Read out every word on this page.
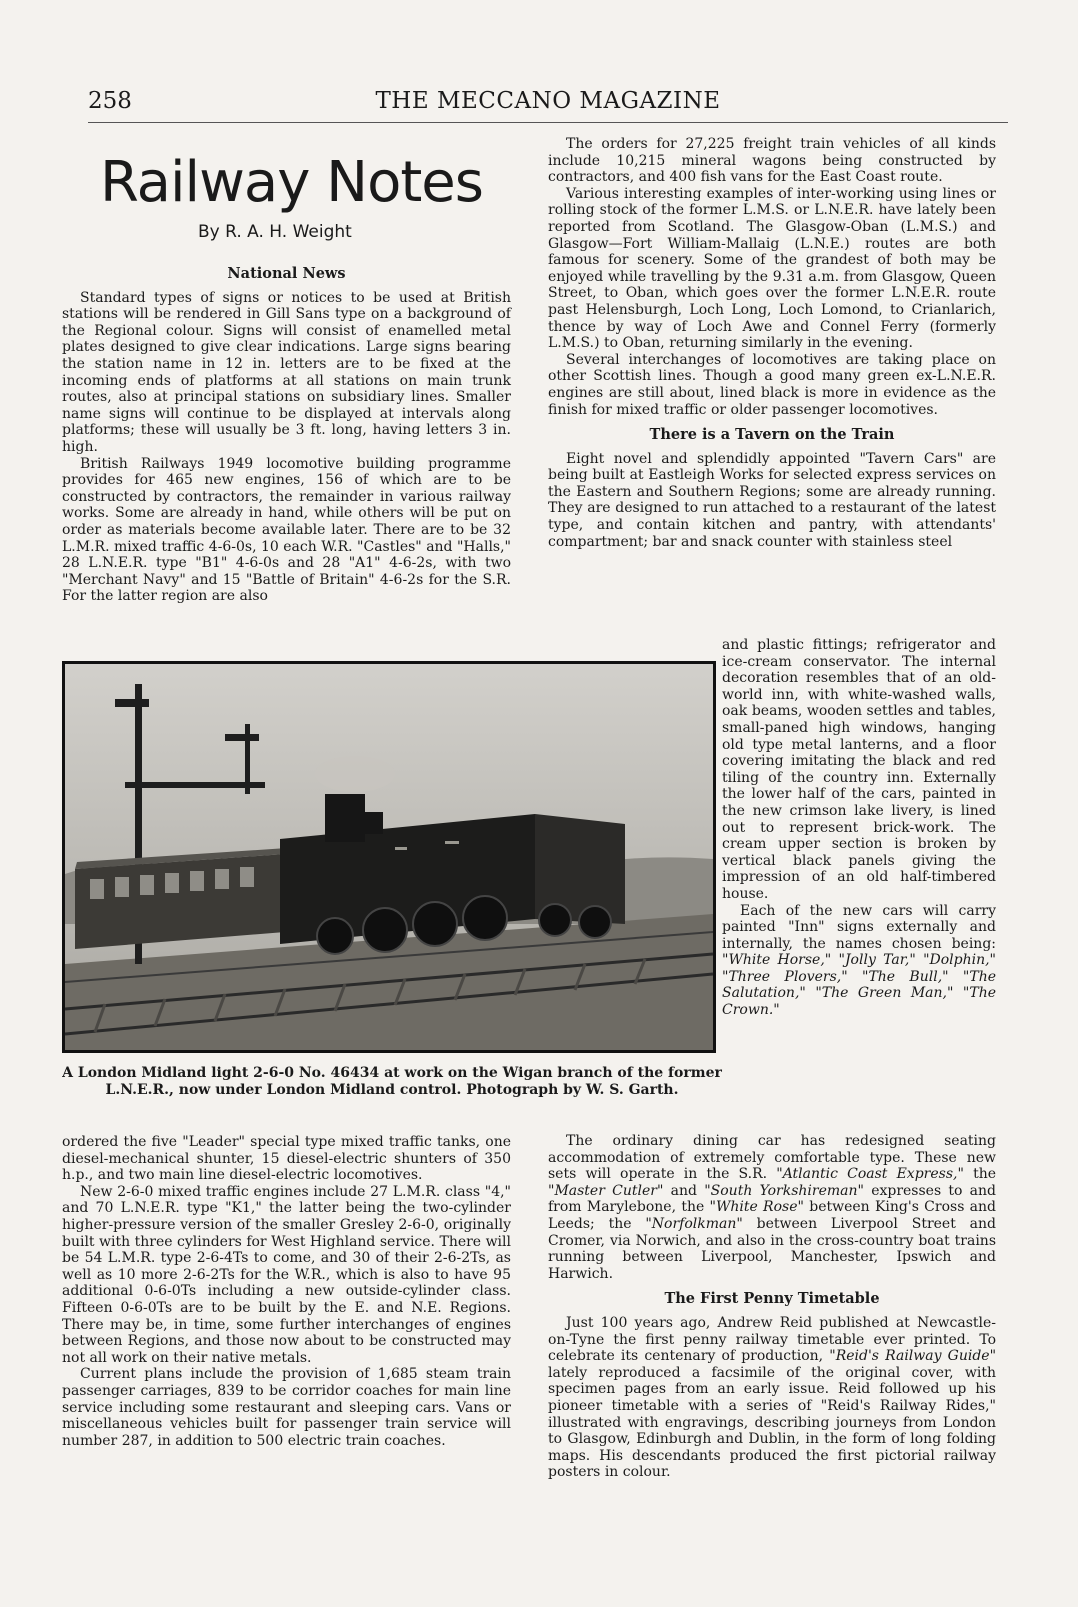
258	THE MECCANO MAGAZINE
Railway Notes
By R. A. H. Weight
National News

Standard types of signs or notices to be used at British stations will be rendered in Gill Sans type on a background of the Regional colour. Signs will consist of enamelled metal plates designed to give clear indications. Large signs bearing the station name in 12 in. letters are to be fixed at the incoming ends of platforms at all stations on main trunk routes, also at principal stations on subsidiary lines. Smaller name signs will continue to be displayed at intervals along platforms; these will usually be 3 ft. long, having letters 3 in. high.

British Railways 1949 locomotive building programme provides for 465 new engines, 156 of which are to be constructed by contractors, the remainder in various railway works. Some are already in hand, while others will be put on order as materials become available later. There are to be 32 L.M.R. mixed traffic 4-6-0s, 10 each W.R. "Castles" and "Halls," 28 L.N.E.R. type "B1" 4-6-0s and 28 "A1" 4-6-2s, with two "Merchant Navy" and 15 "Battle of Britain" 4-6-2s for the S.R. For the latter region are also

A London Midland light 2-6-0 No. 46434 at work on the Wigan branch of the former L.N.E.R., now under London Midland control. Photograph by W. S. Garth.

ordered the five "Leader" special type mixed traffic tanks, one diesel-mechanical shunter, 15 diesel-electric shunters of 350 h.p., and two main line diesel-electric locomotives.

New 2-6-0 mixed traffic engines include 27 L.M.R. class "4," and 70 L.N.E.R. type "K1," the latter being the two-cylinder higher-pressure version of the smaller Gresley 2-6-0, originally built with three cylinders for West Highland service. There will be 54 L.M.R. type 2-6-4Ts to come, and 30 of their 2-6-2Ts, as well as 10 more 2-6-2Ts for the W.R., which is also to have 95 additional 0-6-0Ts including a new outside-cylinder class. Fifteen 0-6-0Ts are to be built by the E. and N.E. Regions. There may be, in time, some further interchanges of engines between Regions, and those now about to be constructed may not all work on their native metals.

Current plans include the provision of 1,685 steam train passenger carriages, 839 to be corridor coaches for main line service including some restaurant and sleeping cars. Vans or miscellaneous vehicles built for passenger train service will number 287, in addition to 500 electric train coaches.

The orders for 27,225 freight train vehicles of all kinds include 10,215 mineral wagons being constructed by contractors, and 400 fish vans for the East Coast route.

Various interesting examples of inter-working using lines or rolling stock of the former L.M.S. or L.N.E.R. have lately been reported from Scotland. The Glasgow-Oban (L.M.S.) and Glasgow—Fort William-Mallaig (L.N.E.) routes are both famous for scenery. Some of the grandest of both may be enjoyed while travelling by the 9.31 a.m. from Glasgow, Queen Street, to Oban, which goes over the former L.N.E.R. route past Helensburgh, Loch Long, Loch Lomond, to Crianlarich, thence by way of Loch Awe and Connel Ferry (formerly L.M.S.) to Oban, returning similarly in the evening.

Several interchanges of locomotives are taking place on other Scottish lines. Though a good many green ex-L.N.E.R. engines are still about, lined black is more in evidence as the finish for mixed traffic or older passenger locomotives.

There is a Tavern on the Train

Eight novel and splendidly appointed "Tavern Cars" are being built at Eastleigh Works for selected express services on the Eastern and Southern Regions; some are already running. They are designed to run attached to a restaurant of the latest type, and contain kitchen and pantry, with attendants' compartment; bar and snack counter with stainless steel

and plastic fittings; refrigerator and ice-cream conservator. The internal decoration resembles that of an old-world inn, with white-washed walls, oak beams, wooden settles and tables, small-paned high windows, hanging old type metal lanterns, and a floor covering imitating the black and red tiling of the country inn. Externally the lower half of the cars, painted in the new crimson lake livery, is lined out to represent brick-work. The cream upper section is broken by vertical black panels giving the impression of an old half-timbered house.

Each of the new cars will carry painted "Inn" signs externally and internally, the names chosen being: "White Horse," "Jolly Tar," "Dolphin," "Three Plovers," "The Bull," "The Salutation," "The Green Man," "The Crown."

The ordinary dining car has redesigned seating accommodation of extremely comfortable type. These new sets will operate in the S.R. "Atlantic Coast Express," the "Master Cutler" and "South Yorkshireman" expresses to and from Marylebone, the "White Rose" between King's Cross and Leeds; the "Norfolkman" between Liverpool Street and Cromer, via Norwich, and also in the cross-country boat trains running between Liverpool, Manchester, Ipswich and Harwich.

The First Penny Timetable

Just 100 years ago, Andrew Reid published at Newcastle-on-Tyne the first penny railway timetable ever printed. To celebrate its centenary of production, "Reid's Railway Guide" lately reproduced a facsimile of the original cover, with specimen pages from an early issue. Reid followed up his pioneer timetable with a series of "Reid's Railway Rides," illustrated with engravings, describing journeys from London to Glasgow, Edinburgh and Dublin, in the form of long folding maps. His descendants produced the first pictorial railway posters in colour.
